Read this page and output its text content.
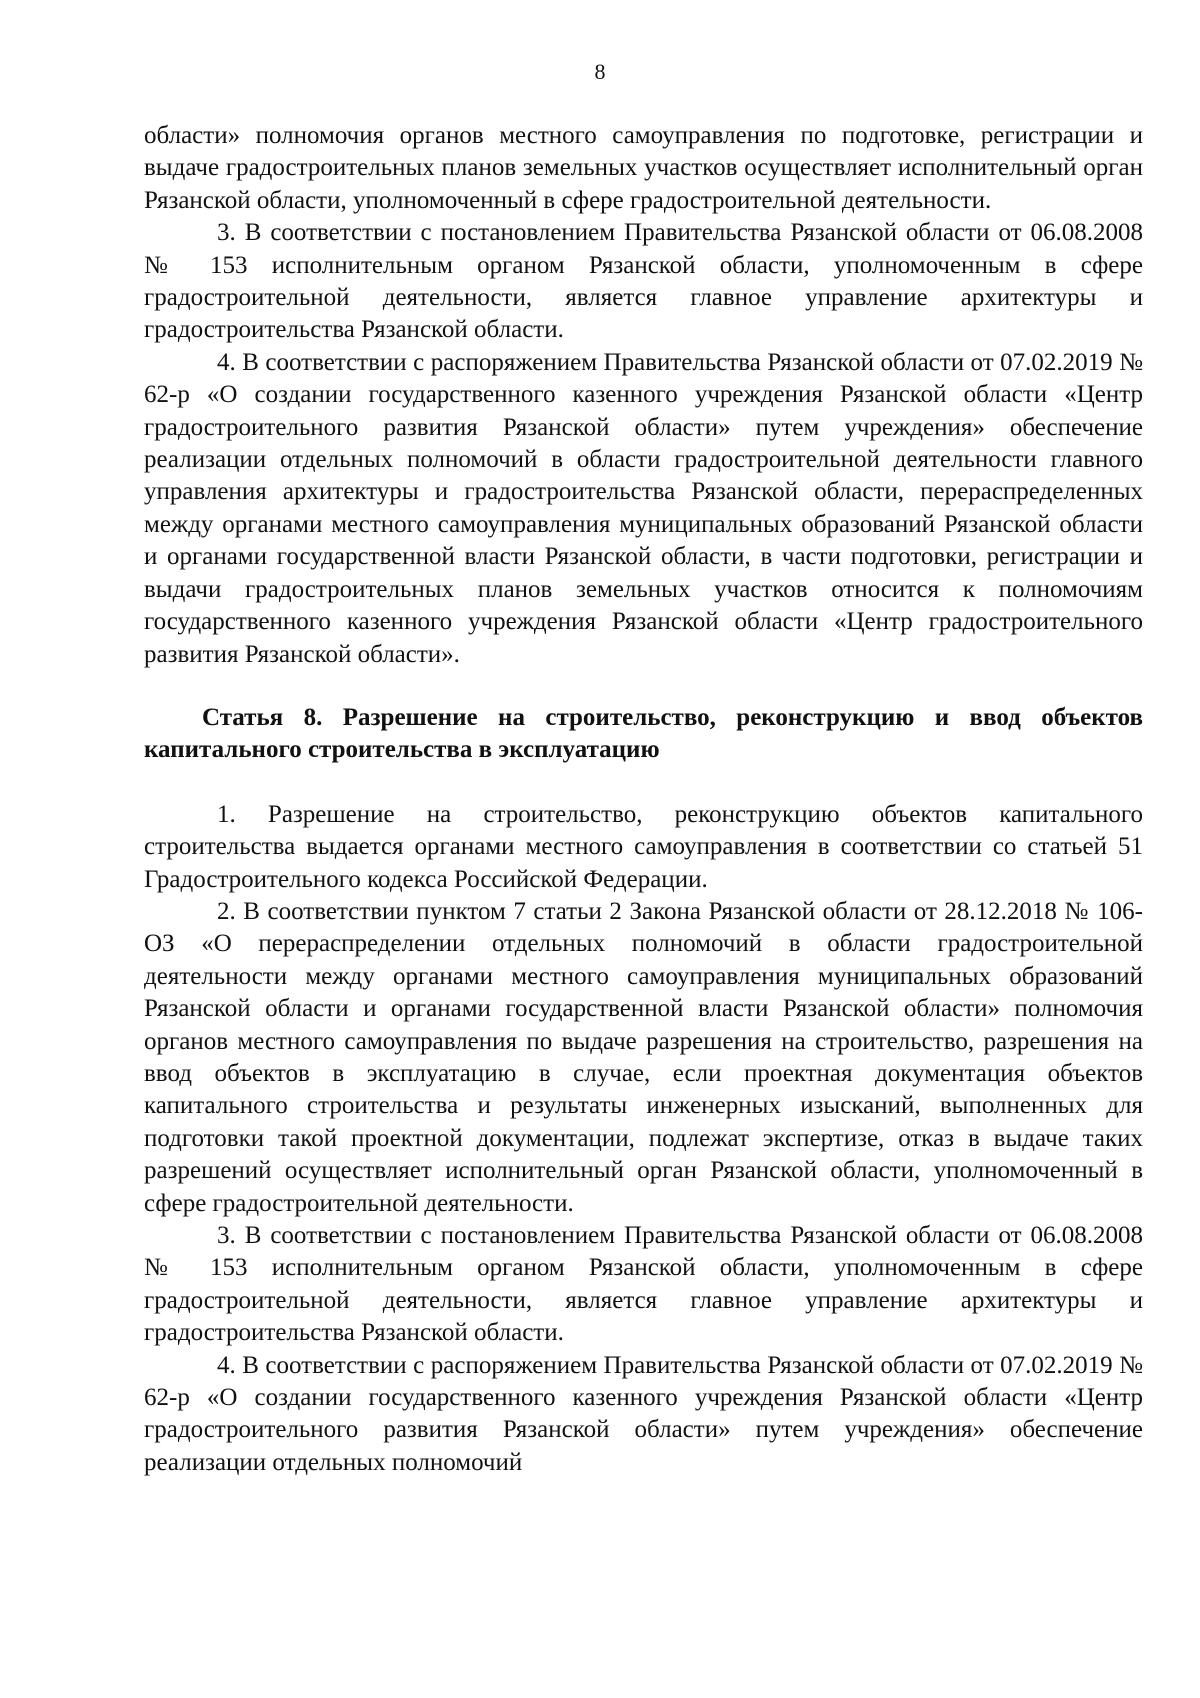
8

области» полномочия органов местного самоуправления по подготовке, регистрации и выдаче градостроительных планов земельных участков осуществляет исполнительный орган Рязанской области, уполномоченный в сфере градостроительной деятельности.

3. В соответствии с постановлением Правительства Рязанской области от 06.08.2008 № 153 исполнительным органом Рязанской области, уполномоченным в сфере градостроительной деятельности, является главное управление архитектуры и градостроительства Рязанской области.

4. В соответствии с распоряжением Правительства Рязанской области от 07.02.2019 № 62-р «О создании государственного казенного учреждения Рязанской области «Центр градостроительного развития Рязанской области» путем учреждения» обеспечение реализации отдельных полномочий в области градостроительной деятельности главного управления архитектуры и градостроительства Рязанской области, перераспределенных между органами местного самоуправления муниципальных образований Рязанской области и органами государственной власти Рязанской области, в части подготовки, регистрации и выдачи градостроительных планов земельных участков относится к полномочиям государственного казенного учреждения Рязанской области «Центр градостроительного развития Рязанской области».

Статья 8. Разрешение на строительство, реконструкцию и ввод объектов капитального строительства в эксплуатацию

1. Разрешение на строительство, реконструкцию объектов капитального строительства выдается органами местного самоуправления в соответствии со статьей 51 Градостроительного кодекса Российской Федерации.

2. В соответствии пунктом 7 статьи 2 Закона Рязанской области от 28.12.2018 № 106-ОЗ «О перераспределении отдельных полномочий в области градостроительной деятельности между органами местного самоуправления муниципальных образований Рязанской области и органами государственной власти Рязанской области» полномочия органов местного самоуправления по выдаче разрешения на строительство, разрешения на ввод объектов в эксплуатацию в случае, если проектная документация объектов капитального строительства и результаты инженерных изысканий, выполненных для подготовки такой проектной документации, подлежат экспертизе, отказ в выдаче таких разрешений осуществляет исполнительный орган Рязанской области, уполномоченный в сфере градостроительной деятельности.

3. В соответствии с постановлением Правительства Рязанской области от 06.08.2008 № 153 исполнительным органом Рязанской области, уполномоченным в сфере градостроительной деятельности, является главное управление архитектуры и градостроительства Рязанской области.

4. В соответствии с распоряжением Правительства Рязанской области от 07.02.2019 № 62-р «О создании государственного казенного учреждения Рязанской области «Центр градостроительного развития Рязанской области» путем учреждения» обеспечение реализации отдельных полномочий
